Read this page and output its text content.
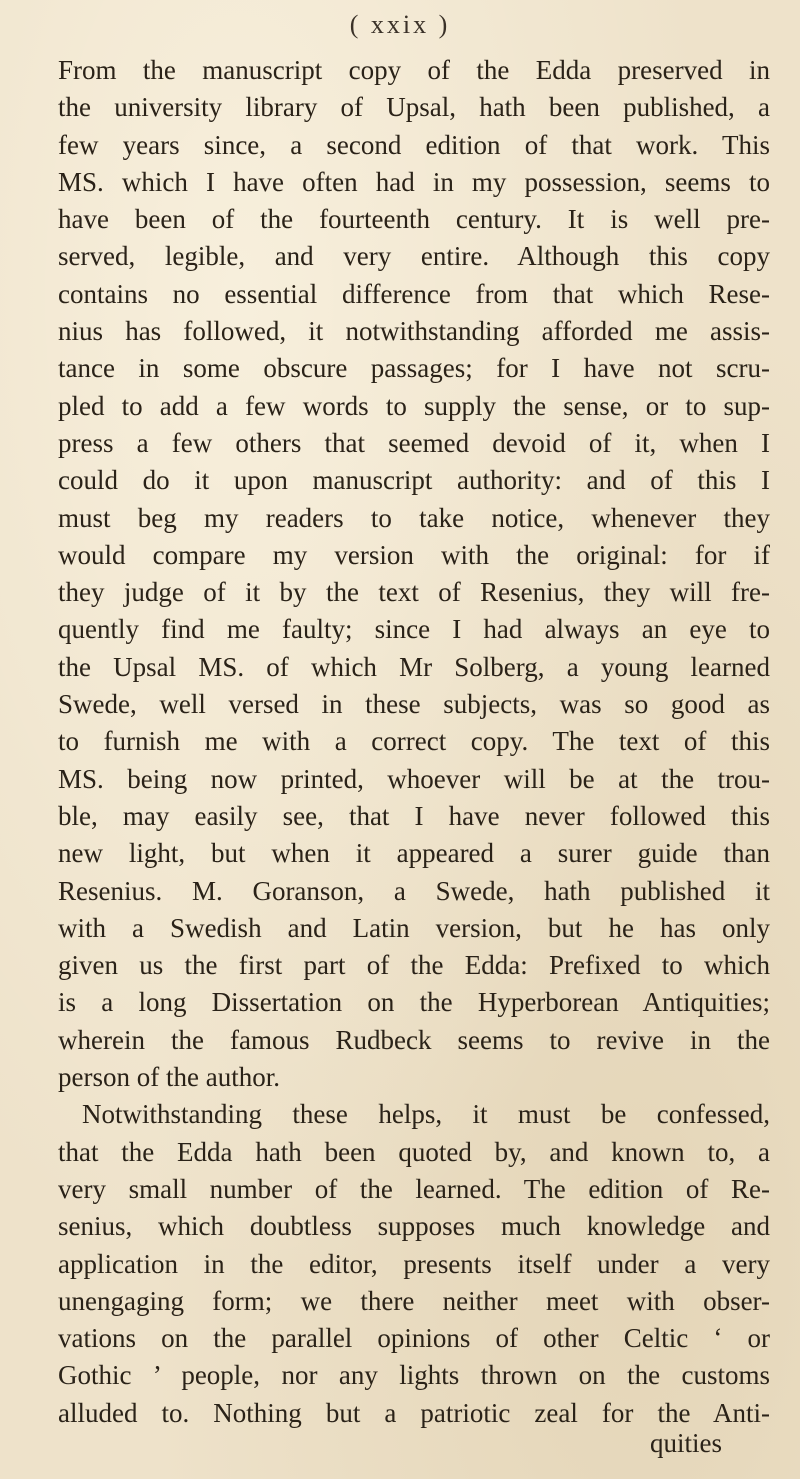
( xxix )
From the manuscript copy of the Edda preserved in
the university library of Upsal, hath been published, a
few years since, a second edition of that work. This
MS. which I have often had in my possession, seems to
have been of the fourteenth century. It is well pre-
served, legible, and very entire. Although this copy
contains no essential difference from that which Rese-
nius has followed, it notwithstanding afforded me assis-
tance in some obscure passages; for I have not scru-
pled to add a few words to supply the sense, or to sup-
press a few others that seemed devoid of it, when I
could do it upon manuscript authority: and of this I
must beg my readers to take notice, whenever they
would compare my version with the original: for if
they judge of it by the text of Resenius, they will fre-
quently find me faulty; since I had always an eye to
the Upsal MS. of which Mr Solberg, a young learned
Swede, well versed in these subjects, was so good as
to furnish me with a correct copy. The text of this
MS. being now printed, whoever will be at the trou-
ble, may easily see, that I have never followed this
new light, but when it appeared a surer guide than
Resenius. M. Goranson, a Swede, hath published it
with a Swedish and Latin version, but he has only
given us the first part of the Edda: Prefixed to which
is a long Dissertation on the Hyperborean Antiquities;
wherein the famous Rudbeck seems to revive in the
person of the author.
Notwithstanding these helps, it must be confessed,
that the Edda hath been quoted by, and known to, a
very small number of the learned. The edition of Re-
senius, which doubtless supposes much knowledge and
application in the editor, presents itself under a very
unengaging form; we there neither meet with obser-
vations on the parallel opinions of other Celtic ‘ or
Gothic ’ people, nor any lights thrown on the customs
alluded to. Nothing but a patriotic zeal for the Anti-
quities
